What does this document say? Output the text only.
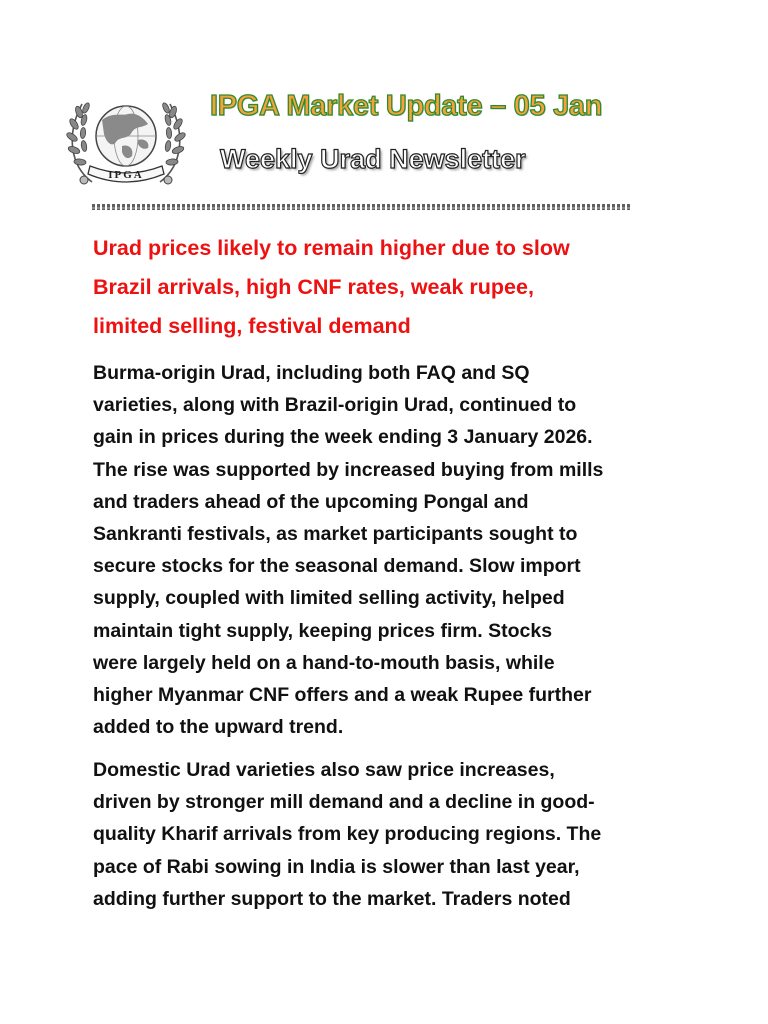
IPGA
IPGA Market Update – 05 Jan
Weekly Urad Newsletter

Urad prices likely to remain higher due to slow
Brazil arrivals, high CNF rates, weak rupee,
limited selling, festival demand

Burma-origin Urad, including both FAQ and SQ
varieties, along with Brazil-origin Urad, continued to
gain in prices during the week ending 3 January 2026.
The rise was supported by increased buying from mills
and traders ahead of the upcoming Pongal and
Sankranti festivals, as market participants sought to
secure stocks for the seasonal demand. Slow import
supply, coupled with limited selling activity, helped
maintain tight supply, keeping prices firm. Stocks
were largely held on a hand-to-mouth basis, while
higher Myanmar CNF offers and a weak Rupee further
added to the upward trend.

Domestic Urad varieties also saw price increases,
driven by stronger mill demand and a decline in good-
quality Kharif arrivals from key producing regions. The
pace of Rabi sowing in India is slower than last year,
adding further support to the market. Traders noted
